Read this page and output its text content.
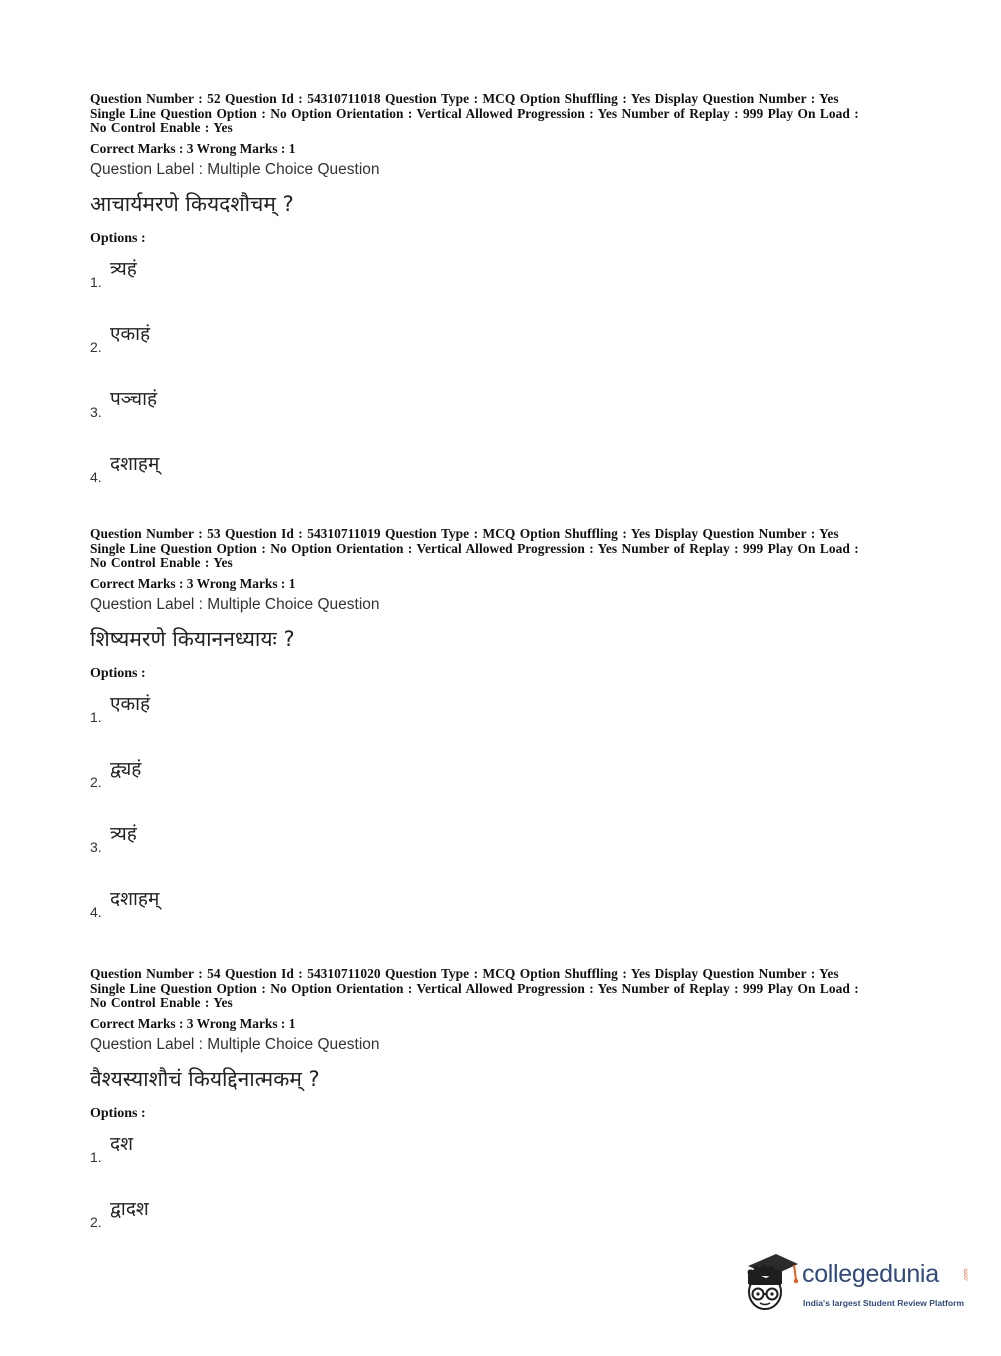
Question Number : 52 Question Id : 54310711018 Question Type : MCQ Option Shuffling : Yes Display Question Number : Yes
Single Line Question Option : No Option Orientation : Vertical Allowed Progression : Yes Number of Replay : 999 Play On Load :
No Control Enable : Yes
Correct Marks : 3 Wrong Marks : 1
Question Label : Multiple Choice Question
आचार्यमरणे कियदशौचम् ?
Options :
1.
त्र्यहं
2.
एकाहं
3.
पञ्चाहं
4.
दशाहम्
Question Number : 53 Question Id : 54310711019 Question Type : MCQ Option Shuffling : Yes Display Question Number : Yes
Single Line Question Option : No Option Orientation : Vertical Allowed Progression : Yes Number of Replay : 999 Play On Load :
No Control Enable : Yes
Correct Marks : 3 Wrong Marks : 1
Question Label : Multiple Choice Question
शिष्यमरणे कियाननध्यायः ?
Options :
1.
एकाहं
2.
द्व्यहं
3.
त्र्यहं
4.
दशाहम्
Question Number : 54 Question Id : 54310711020 Question Type : MCQ Option Shuffling : Yes Display Question Number : Yes
Single Line Question Option : No Option Orientation : Vertical Allowed Progression : Yes Number of Replay : 999 Play On Load :
No Control Enable : Yes
Correct Marks : 3 Wrong Marks : 1
Question Label : Multiple Choice Question
वैश्यस्याशौचं कियद्दिनात्मकम् ?
Options :
1.
दश
2.
द्वादश
collegedunia	.com
India's largest Student Review Platform
